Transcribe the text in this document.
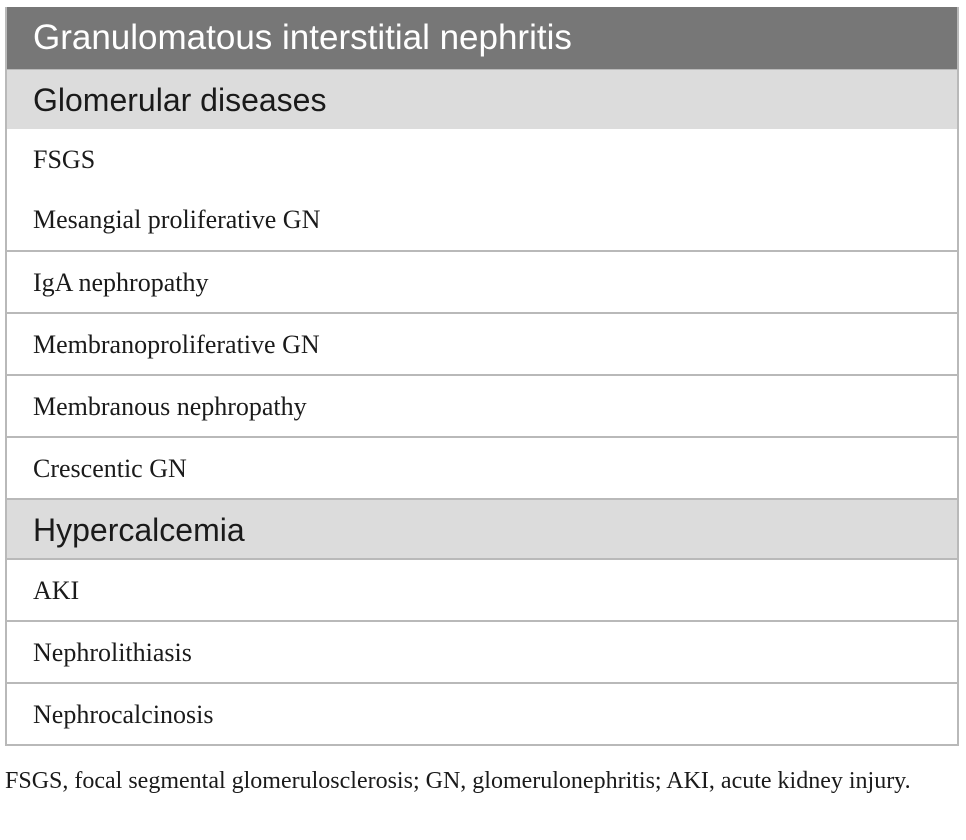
Granulomatous interstitial nephritis
Glomerular diseases
FSGS
Mesangial proliferative GN
IgA nephropathy
Membranoproliferative GN
Membranous nephropathy
Crescentic GN
Hypercalcemia
AKI
Nephrolithiasis
Nephrocalcinosis
FSGS, focal segmental glomerulosclerosis; GN, glomerulonephritis; AKI, acute kidney injury.
